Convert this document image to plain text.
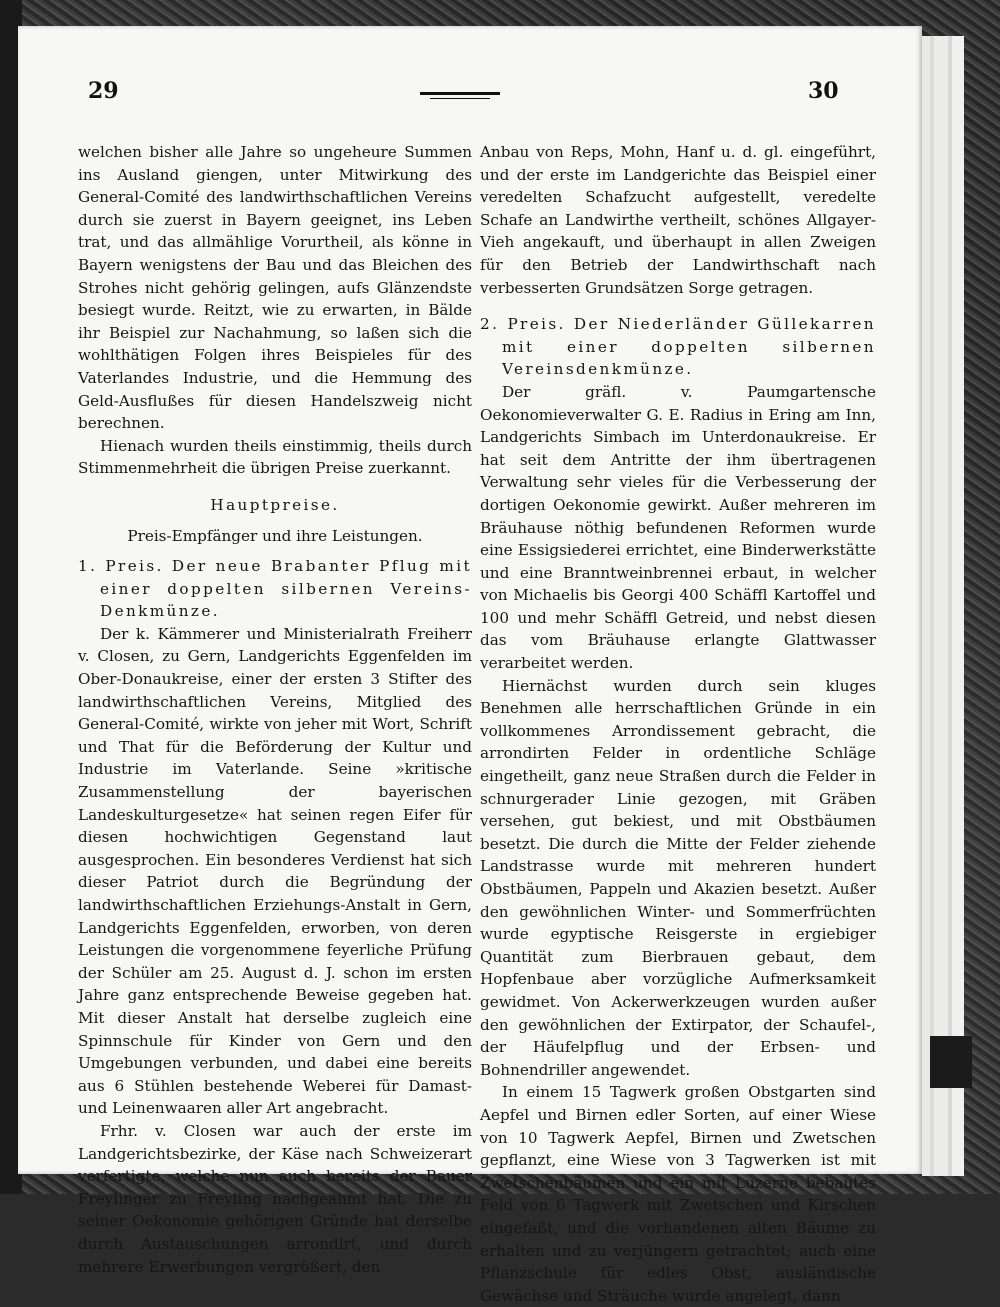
29	30

welchen bisher alle Jahre so ungeheure Summen ins Ausland giengen, unter Mitwirkung des General-Comité des landwirthschaftlichen Vereins durch sie zuerst in Bayern geeignet, ins Leben trat, und das allmählige Vorurtheil, als könne in Bayern wenigstens der Bau und das Bleichen des Strohes nicht gehörig gelingen, aufs Glänzendste besiegt wurde. Reitzt, wie zu erwarten, in Bälde ihr Beispiel zur Nachahmung, so laßen sich die wohlthätigen Folgen ihres Beispieles für des Vaterlandes Industrie, und die Hemmung des Geld-Ausflußes für diesen Handelszweig nicht berechnen.

Hienach wurden theils einstimmig, theils durch Stimmenmehrheit die übrigen Preise zuerkannt.

Hauptpreise.

Preis-Empfänger und ihre Leistungen.

1. Preis. Der neue Brabanter Pflug mit einer doppelten silbernen Vereins-Denkmünze.

Der k. Kämmerer und Ministerialrath Freiherr v. Closen, zu Gern, Landgerichts Eggenfelden im Ober-Donaukreise, einer der ersten 3 Stifter des landwirthschaftlichen Vereins, Mitglied des General-Comité, wirkte von jeher mit Wort, Schrift und That für die Beförderung der Kultur und Industrie im Vaterlande. Seine »kritische Zusammenstellung der bayerischen Landeskulturgesetze« hat seinen regen Eifer für diesen hochwichtigen Gegenstand laut ausgesprochen. Ein besonderes Verdienst hat sich dieser Patriot durch die Begründung der landwirthschaftlichen Erziehungs-Anstalt in Gern, Landgerichts Eggenfelden, erworben, von deren Leistungen die vorgenommene feyerliche Prüfung der Schüler am 25. August d. J. schon im ersten Jahre ganz entsprechende Beweise gegeben hat. Mit dieser Anstalt hat derselbe zugleich eine Spinnschule für Kinder von Gern und den Umgebungen verbunden, und dabei eine bereits aus 6 Stühlen bestehende Weberei für Damast- und Leinenwaaren aller Art angebracht.

Frhr. v. Closen war auch der erste im Landgerichtsbezirke, der Käse nach Schweizerart verfertigte, welche nun auch bereits der Bauer Freylinger zu Freyling nachgeahmt hat. Die zu seiner Oekonomie gehörigen Gründe hat derselbe durch Austauschungen arrondirt, und durch mehrere Erwerbungen vergrößert, den

Anbau von Reps, Mohn, Hanf u. d. gl. eingeführt, und der erste im Landgerichte das Beispiel einer veredelten Schafzucht aufgestellt, veredelte Schafe an Landwirthe vertheilt, schönes Allgayer-Vieh angekauft, und überhaupt in allen Zweigen für den Betrieb der Landwirthschaft nach verbesserten Grundsätzen Sorge getragen.

2. Preis. Der Niederländer Güllekarren mit einer doppelten silbernen Vereinsdenkmünze.

Der gräfl. v. Paumgartensche Oekonomieverwalter G. E. Radius in Ering am Inn, Landgerichts Simbach im Unterdonaukreise. Er hat seit dem Antritte der ihm übertragenen Verwaltung sehr vieles für die Verbesserung der dortigen Oekonomie gewirkt. Außer mehreren im Bräuhause nöthig befundenen Reformen wurde eine Essigsiederei errichtet, eine Binderwerkstätte und eine Branntweinbrennei erbaut, in welcher von Michaelis bis Georgi 400 Schäffl Kartoffel und 100 und mehr Schäffl Getreid, und nebst diesen das vom Bräuhause erlangte Glattwasser verarbeitet werden.

Hiernächst wurden durch sein kluges Benehmen alle herrschaftlichen Gründe in ein vollkommenes Arrondissement gebracht, die arrondirten Felder in ordentliche Schläge eingetheilt, ganz neue Straßen durch die Felder in schnurgerader Linie gezogen, mit Gräben versehen, gut bekiest, und mit Obstbäumen besetzt. Die durch die Mitte der Felder ziehende Landstrasse wurde mit mehreren hundert Obstbäumen, Pappeln und Akazien besetzt. Außer den gewöhnlichen Winter- und Sommerfrüchten wurde egyptische Reisgerste in ergiebiger Quantität zum Bierbrauen gebaut, dem Hopfenbaue aber vorzügliche Aufmerksamkeit gewidmet. Von Ackerwerkzeugen wurden außer den gewöhnlichen der Extirpator, der Schaufel-, der Häufelpflug und der Erbsen- und Bohnendriller angewendet.

In einem 15 Tagwerk großen Obstgarten sind Aepfel und Birnen edler Sorten, auf einer Wiese von 10 Tagwerk Aepfel, Birnen und Zwetschen gepflanzt, eine Wiese von 3 Tagwerken ist mit Zwetschenbäumen und ein mit Luzerne bebautes Feld von 6 Tagwerk mit Zwetschen und Kirschen eingefaßt, und die vorhandenen alten Bäume zu erhalten und zu verjüngern getrachtet; auch eine Pflanzschule für edles Obst, ausländische Gewächse und Sträuche wurde angelegt, dann
